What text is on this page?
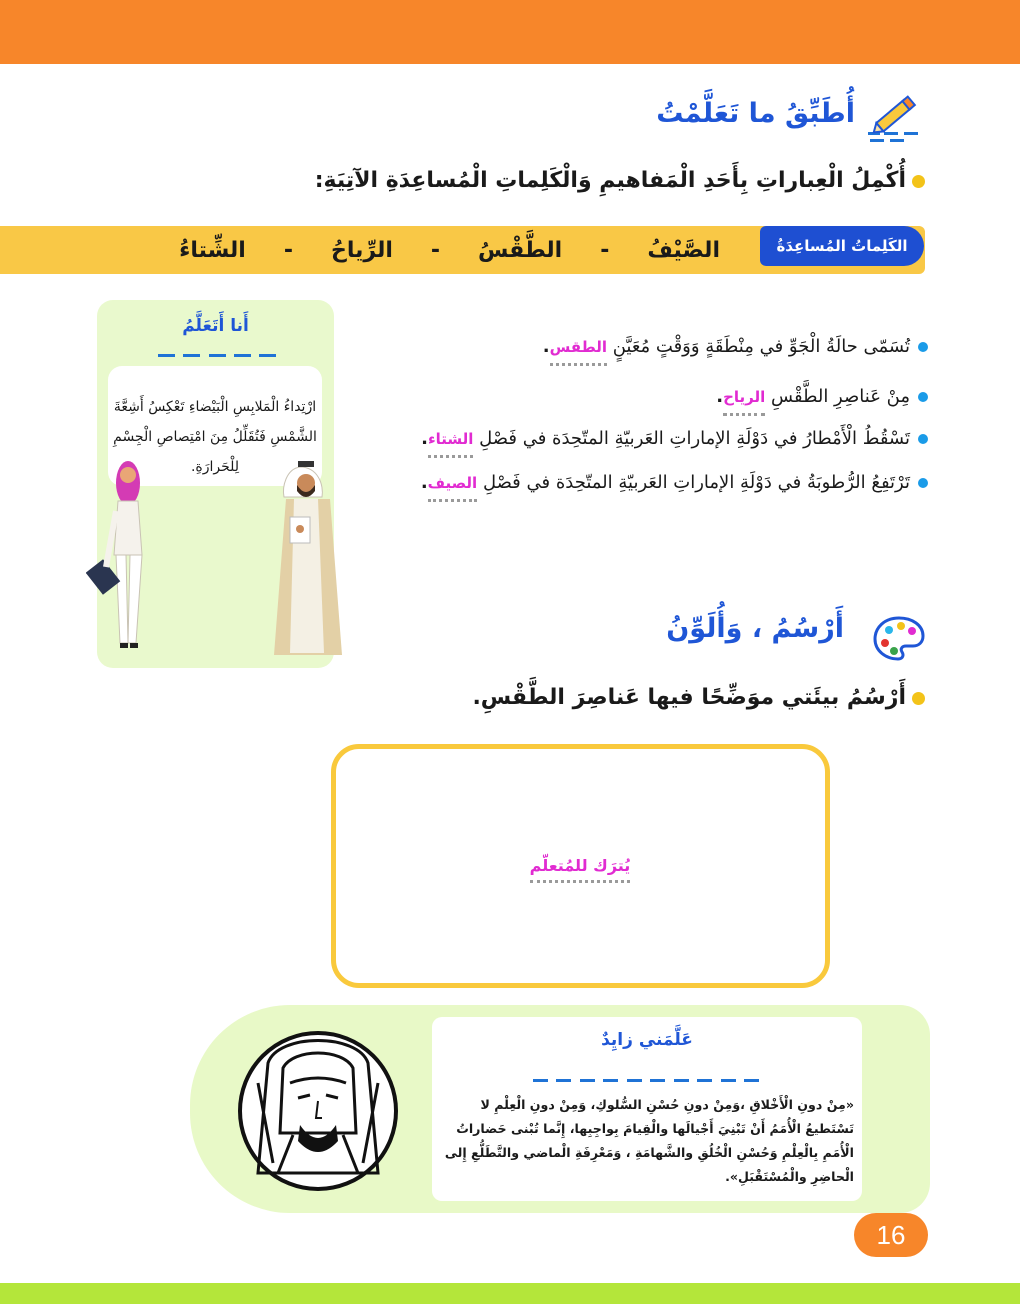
أُطَبِّقُ ما تَعَلَّمْتُ
أُكْمِلُ الْعِباراتِ بِأَحَدِ الْمَفاهيمِ وَالْكَلِماتِ الْمُساعِدَةِ الآتِيَةِ:
الكَلِماتُ المُساعِدَةُ
الصَّيْفُ
-
الطَّقْسُ
-
الرِّياحُ
-
الشِّتاءُ
أَنا أَتَعَلَّمُ
ارْتِداءُ الْمَلابِسِ الْبَيْضاءِ تَعْكِسُ أَشِعَّةَ الشَّمْسِ فَتُقَلِّلُ مِنَ امْتِصاصِ الْجِسْمِ لِلْحَرارَةِ.
تُسَمّى حالَةُ الْجَوِّ في مِنْطَقَةٍ وَوَقْتٍ مُعَيَّنٍ الطقس.
مِنْ عَناصِرِ الطَّقْسِ الرياح.
تَسْقُطُ الْأَمْطارُ في دَوْلَةِ الإماراتِ العَربيّةِ المتّحِدَة في فَصْلِ الشتاء.
تَرْتَفِعُ الرُّطوبَةُ في دَوْلَةِ الإماراتِ العَربيّةِ المتّحِدَة في فَصْلِ الصيف.
أَرْسُمُ ، وَأُلَوِّنُ
أَرْسُمُ بيئَتي موَضِّحًا فيها عَناصِرَ الطَّقْسِ.
يُترَك للمُتعلّم
عَلَّمَني زايِدٌ
«مِنْ دونِ الْأَخْلاقِ ،وَمِنْ دونِ حُسْنِ السُّلوكِ، وَمِنْ دونِ الْعِلْمِ لا تَسْتَطيعُ الْأُمَمُ أَنْ تَبْنِيَ أَجْيالَها والْقِيامَ بِواجِبِها، إِنَّما تُبْنى حَضاراتُ الْأُمَمِ بِالْعِلْمِ وَحُسْنِ الْخُلُقِ والشَّهامَةِ ، وَمَعْرِفَةِ الْماضي والتَّطَلُّعِ إِلى الْحاضِرِ والْمُسْتَقْبَلِ».
16
